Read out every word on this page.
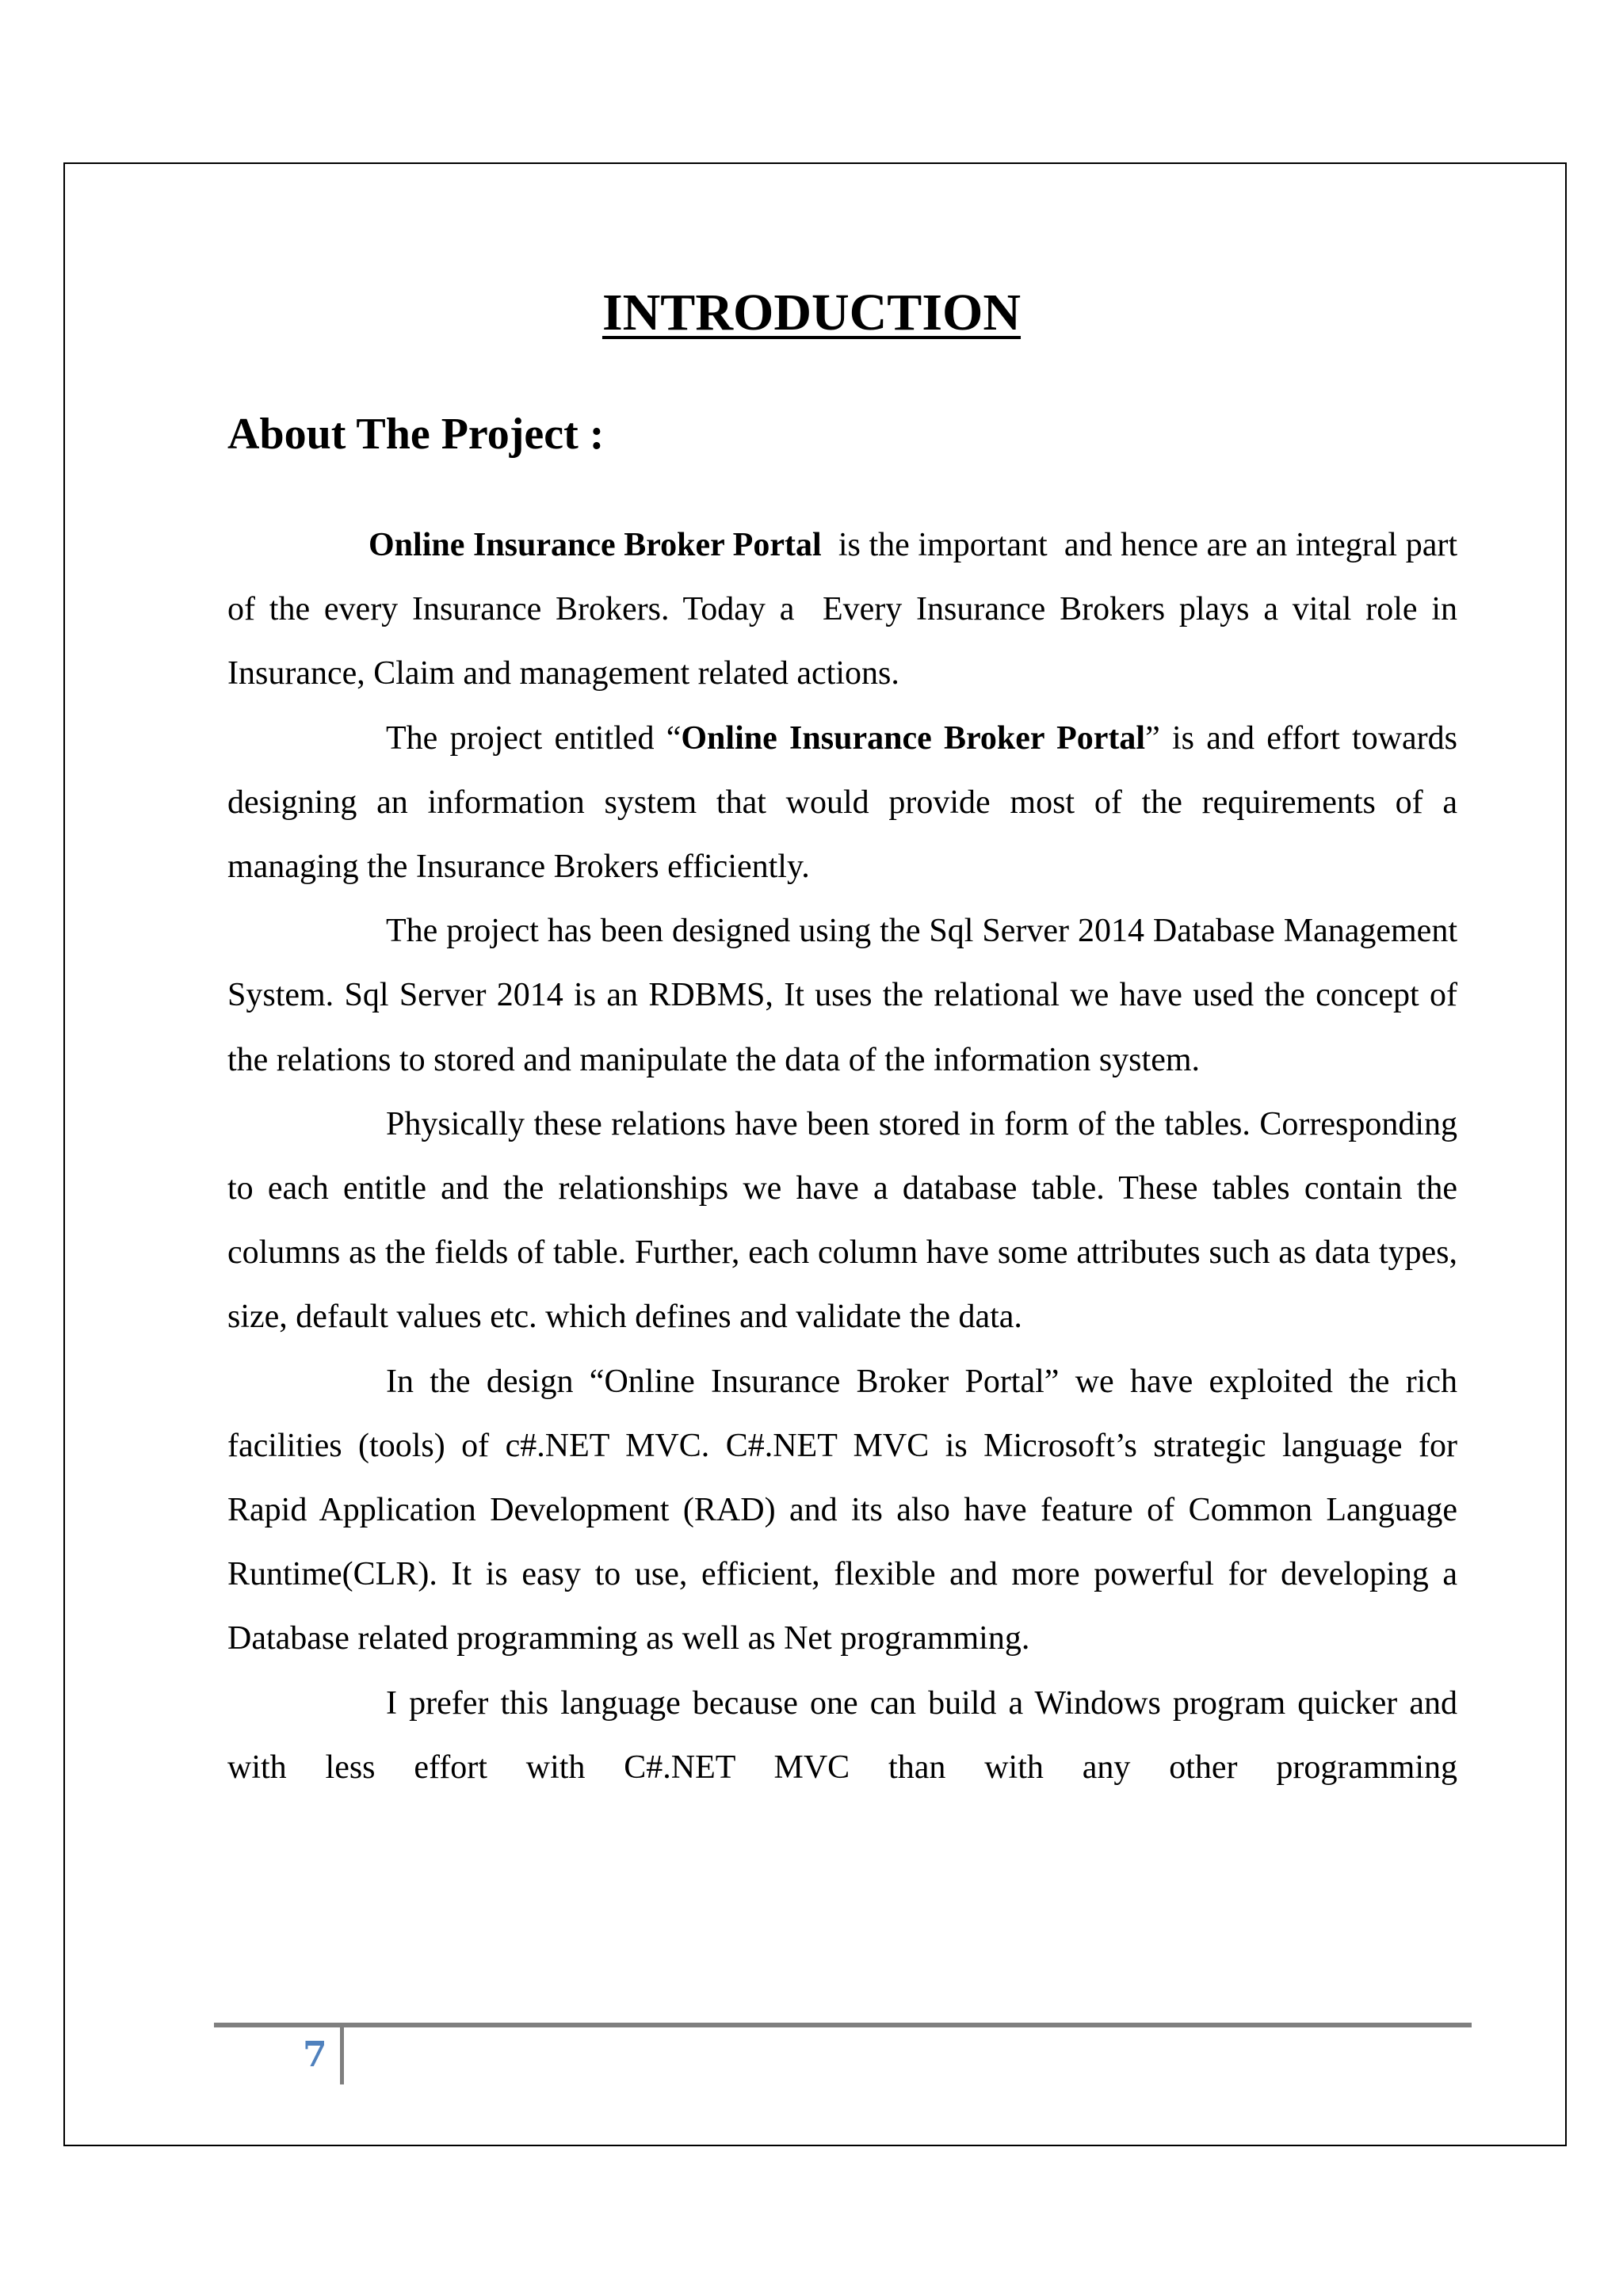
INTRODUCTION
About The Project :

Online Insurance Broker Portal  is the important  and hence are an integral part of the every Insurance Brokers. Today a  Every Insurance Brokers plays a vital role in Insurance, Claim and management related actions.

The project entitled “Online Insurance Broker Portal” is and effort towards designing an information system that would provide most of the requirements of a managing the Insurance Brokers efficiently.

The project has been designed using the Sql Server 2014 Database Management System. Sql Server 2014 is an RDBMS, It uses the relational we have used the concept of the relations to stored and manipulate the data of the information system.

Physically these relations have been stored in form of the tables. Corresponding to each entitle and the relationships we have a database table. These tables contain the columns as the fields of table. Further, each column have some attributes such as data types, size, default values etc. which defines and validate the data.

In the design “Online Insurance Broker Portal” we have exploited the rich facilities (tools) of c#.NET MVC. C#.NET MVC is Microsoft’s strategic language for Rapid Application Development (RAD) and its also have feature of Common Language Runtime(CLR). It is easy to use, efficient, flexible and more powerful for developing a Database related programming as well as Net programming.

I prefer this language because one can build a Windows program quicker and with less effort with C#.NET MVC than with any other programming

7
